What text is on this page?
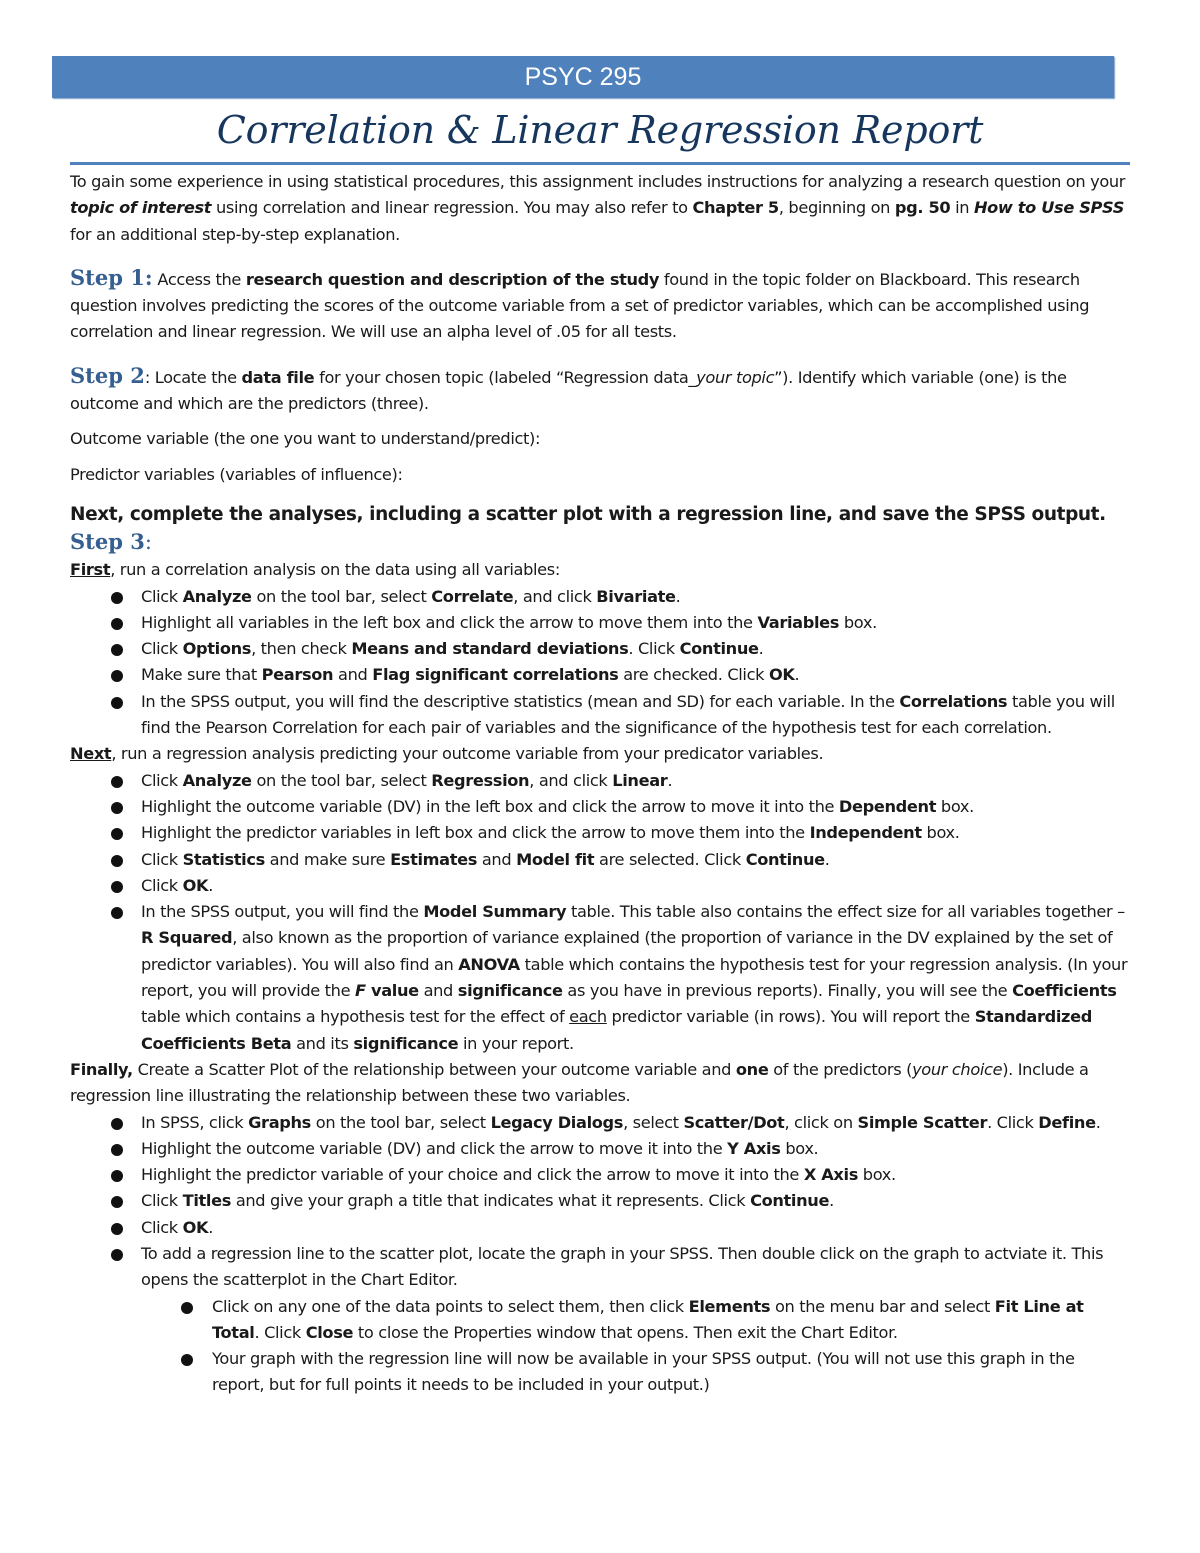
PSYC 295
Correlation & Linear Regression Report

To gain some experience in using statistical procedures, this assignment includes instructions for analyzing a research question on your topic of interest using correlation and linear regression. You may also refer to Chapter 5, beginning on pg. 50 in How to Use SPSS for an additional step-by-step explanation.

Step 1: Access the research question and description of the study found in the topic folder on Blackboard. This research question involves predicting the scores of the outcome variable from a set of predictor variables, which can be accomplished using correlation and linear regression. We will use an alpha level of .05 for all tests.

Step 2: Locate the data file for your chosen topic (labeled “Regression data_your topic”). Identify which variable (one) is the outcome and which are the predictors (three).

Outcome variable (the one you want to understand/predict):

Predictor variables (variables of influence):

Next, complete the analyses, including a scatter plot with a regression line, and save the SPSS output.

Step 3:

First, run a correlation analysis on the data using all variables:

Click Analyze on the tool bar, select Correlate, and click Bivariate.
Highlight all variables in the left box and click the arrow to move them into the Variables box.
Click Options, then check Means and standard deviations. Click Continue.
Make sure that Pearson and Flag significant correlations are checked. Click OK.
In the SPSS output, you will find the descriptive statistics (mean and SD) for each variable. In the Correlations table you will find the Pearson Correlation for each pair of variables and the significance of the hypothesis test for each correlation.

Next, run a regression analysis predicting your outcome variable from your predicator variables.

Click Analyze on the tool bar, select Regression, and click Linear.
Highlight the outcome variable (DV) in the left box and click the arrow to move it into the Dependent box.
Highlight the predictor variables in left box and click the arrow to move them into the Independent box.
Click Statistics and make sure Estimates and Model fit are selected. Click Continue.
Click OK.
In the SPSS output, you will find the Model Summary table. This table also contains the effect size for all variables together – R Squared, also known as the proportion of variance explained (the proportion of variance in the DV explained by the set of predictor variables). You will also find an ANOVA table which contains the hypothesis test for your regression analysis. (In your report, you will provide the F value and significance as you have in previous reports). Finally, you will see the Coefficients table which contains a hypothesis test for the effect of each predictor variable (in rows). You will report the Standardized Coefficients Beta and its significance in your report.

Finally, Create a Scatter Plot of the relationship between your outcome variable and one of the predictors (your choice). Include a regression line illustrating the relationship between these two variables.

In SPSS, click Graphs on the tool bar, select Legacy Dialogs, select Scatter/Dot, click on Simple Scatter. Click Define.
Highlight the outcome variable (DV) and click the arrow to move it into the Y Axis box.
Highlight the predictor variable of your choice and click the arrow to move it into the X Axis box.
Click Titles and give your graph a title that indicates what it represents. Click Continue.
Click OK.
To add a regression line to the scatter plot, locate the graph in your SPSS. Then double click on the graph to actviate it. This opens the scatterplot in the Chart Editor.
Click on any one of the data points to select them, then click Elements on the menu bar and select Fit Line at Total. Click Close to close the Properties window that opens. Then exit the Chart Editor.
Your graph with the regression line will now be available in your SPSS output. (You will not use this graph in the report, but for full points it needs to be included in your output.)
